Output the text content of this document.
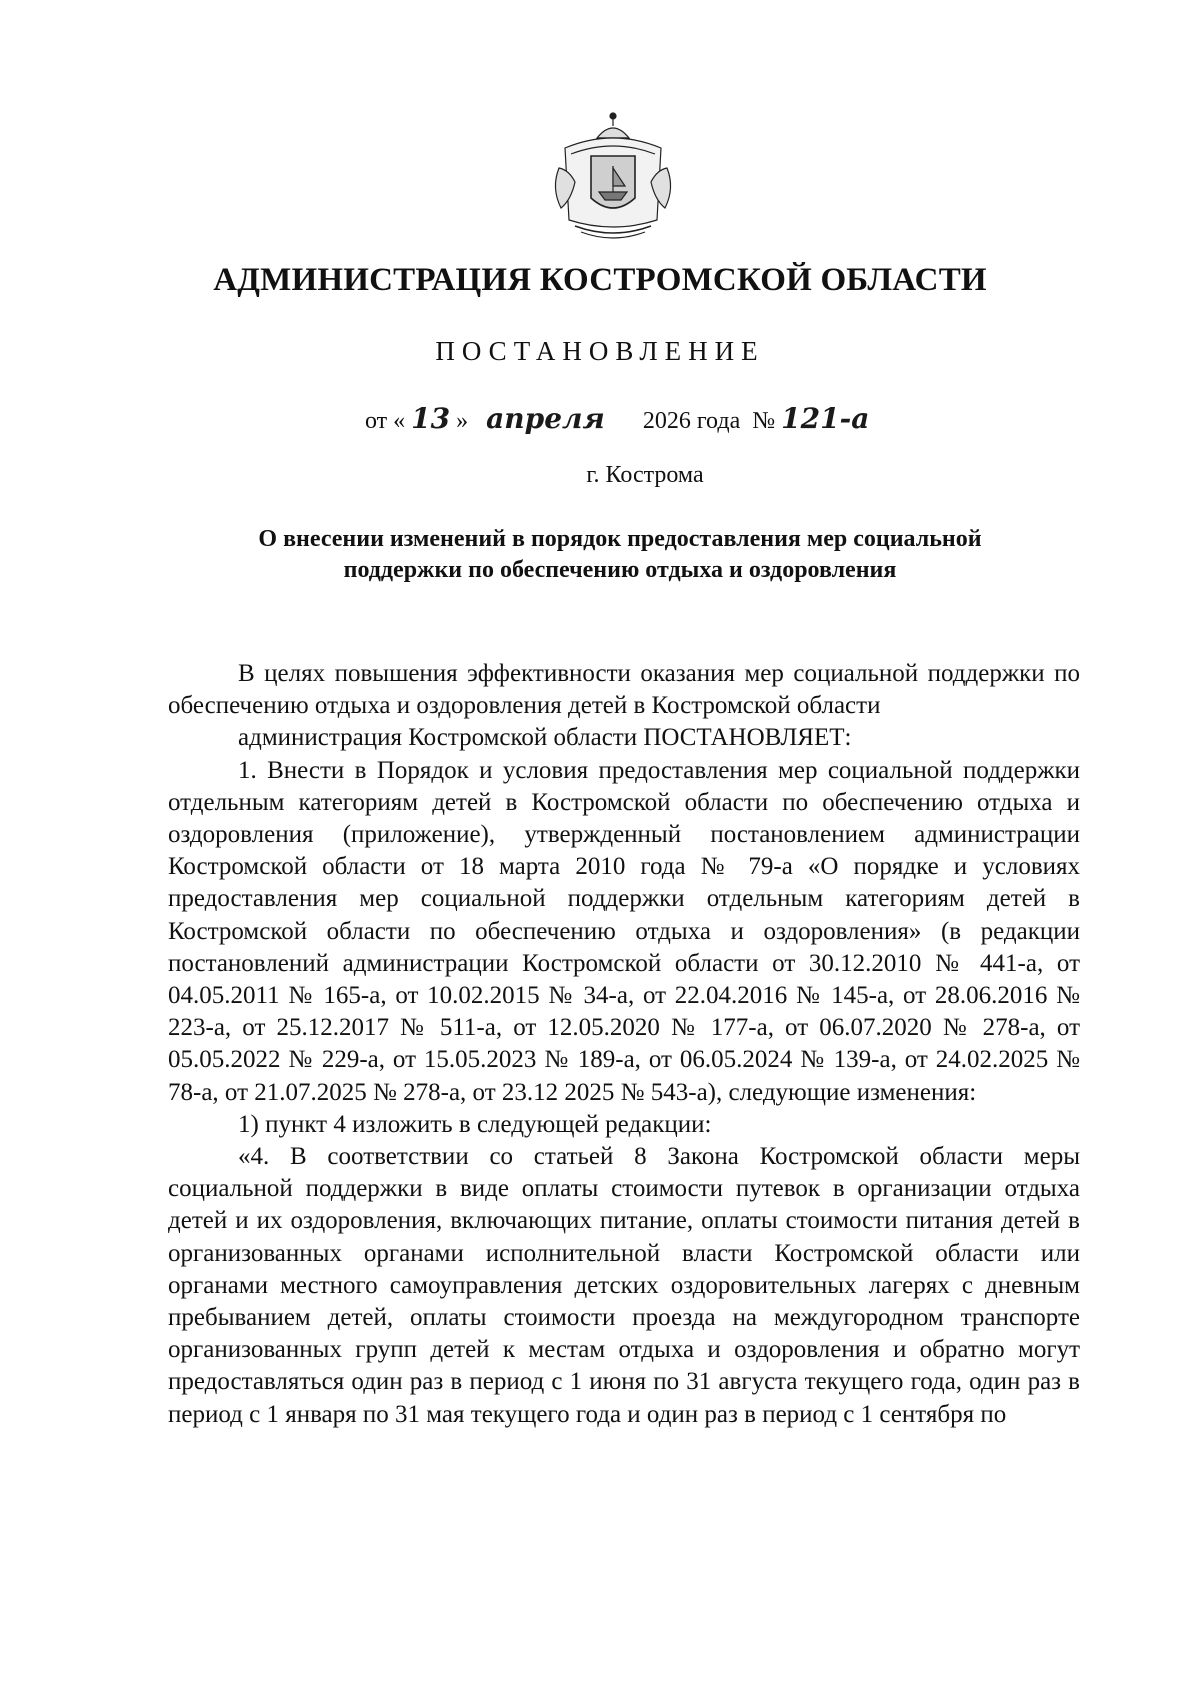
АДМИНИСТРАЦИЯ КОСТРОМСКОЙ ОБЛАСТИ
ПОСТАНОВЛЕНИЕ
от « 13 » апреля 2026 года № 121-а
г. Кострома
О внесении изменений в порядок предоставления мер социальной
поддержки по обеспечению отдыха и оздоровления

В целях повышения эффективности оказания мер социальной поддержки по обеспечению отдыха и оздоровления детей в Костромской области

администрация Костромской области ПОСТАНОВЛЯЕТ:

1. Внести в Порядок и условия предоставления мер социальной поддержки отдельным категориям детей в Костромской области по обеспечению отдыха и оздоровления (приложение), утвержденный постановлением администрации Костромской области от 18 марта 2010 года № 79-а «О порядке и условиях предоставления мер социальной поддержки отдельным категориям детей в Костромской области по обеспечению отдыха и оздоровления» (в редакции постановлений администрации Костромской области от 30.12.2010 № 441-а, от 04.05.2011 № 165-а, от 10.02.2015 № 34-а, от 22.04.2016 № 145-а, от 28.06.2016 № 223-а, от 25.12.2017 № 511-а, от 12.05.2020 № 177-а, от 06.07.2020 № 278-а, от 05.05.2022 № 229-а, от 15.05.2023 № 189-а, от 06.05.2024 № 139-а, от 24.02.2025 № 78-а, от 21.07.2025 № 278-а, от 23.12 2025 № 543-а), следующие изменения:

1) пункт 4 изложить в следующей редакции:

«4. В соответствии со статьей 8 Закона Костромской области меры социальной поддержки в виде оплаты стоимости путевок в организации отдыха детей и их оздоровления, включающих питание, оплаты стоимости питания детей в организованных органами исполнительной власти Костромской области или органами местного самоуправления детских оздоровительных лагерях с дневным пребыванием детей, оплаты стоимости проезда на междугородном транспорте организованных групп детей к местам отдыха и оздоровления и обратно могут предоставляться один раз в период с 1 июня по 31 августа текущего года, один раз в период с 1 января по 31 мая текущего года и один раз в период с 1 сентября по
